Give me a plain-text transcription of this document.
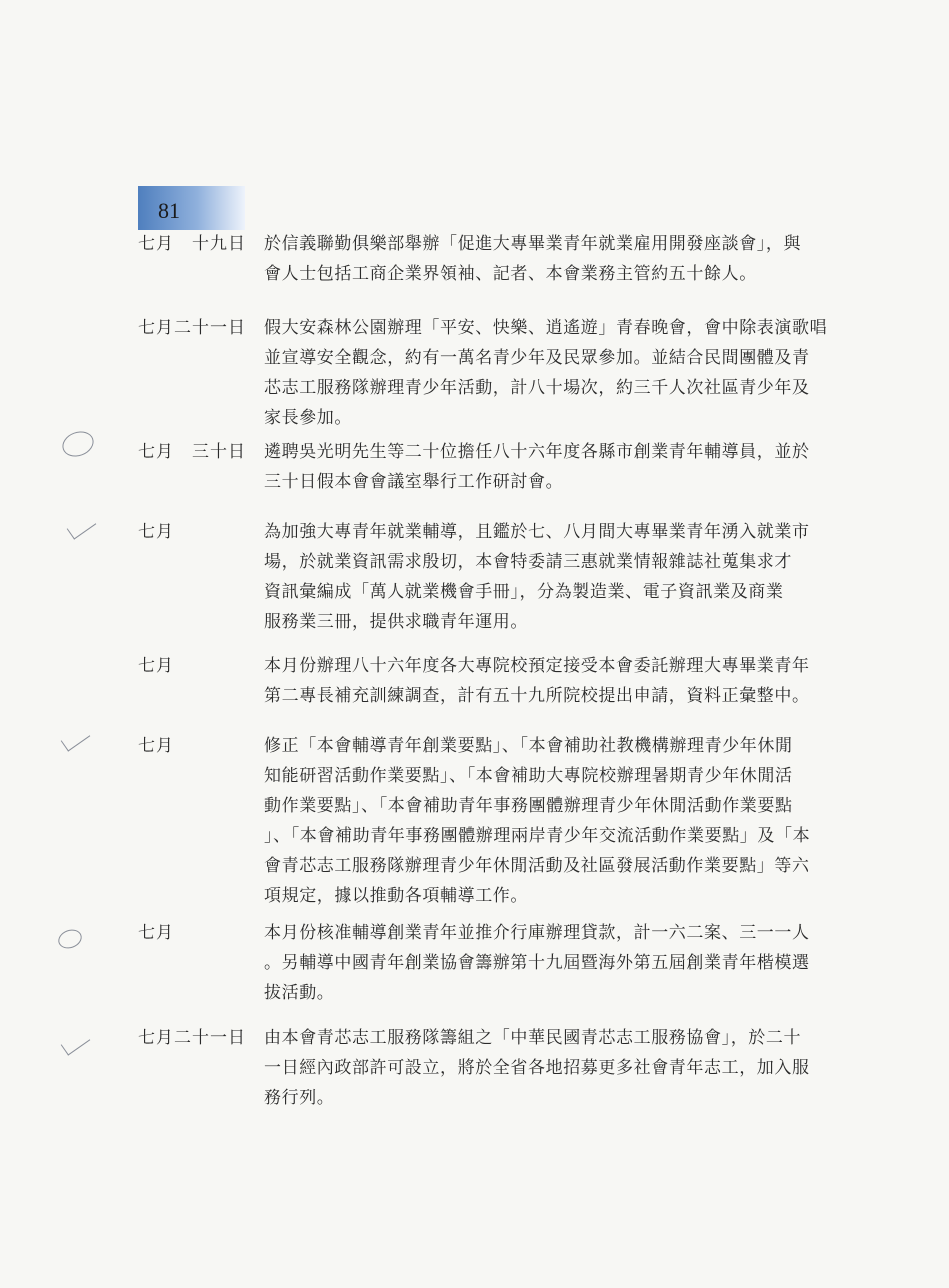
81
七月　十九日	於信義聯勤俱樂部舉辦「促進大專畢業青年就業雇用開發座談會」，與
會人士包括工商企業界領袖、記者、本會業務主管約五十餘人。

七月二十一日	假大安森林公園辦理「平安、快樂、逍遙遊」青春晚會，會中除表演歌唱
並宣導安全觀念，約有一萬名青少年及民眾參加。並結合民間團體及青
芯志工服務隊辦理青少年活動，計八十場次，約三千人次社區青少年及
家長參加。

七月　三十日	遴聘吳光明先生等二十位擔任八十六年度各縣市創業青年輔導員，並於
三十日假本會會議室舉行工作研討會。

七月	為加強大專青年就業輔導，且鑑於七、八月間大專畢業青年湧入就業市
場，於就業資訊需求殷切，本會特委請三惠就業情報雜誌社蒐集求才
資訊彙編成「萬人就業機會手冊」，分為製造業、電子資訊業及商業
服務業三冊，提供求職青年運用。

七月	本月份辦理八十六年度各大專院校預定接受本會委託辦理大專畢業青年
第二專長補充訓練調查，計有五十九所院校提出申請，資料正彙整中。

七月	修正「本會輔導青年創業要點」、「本會補助社教機構辦理青少年休閒
知能研習活動作業要點」、「本會補助大專院校辦理暑期青少年休閒活
動作業要點」、「本會補助青年事務團體辦理青少年休閒活動作業要點
」、「本會補助青年事務團體辦理兩岸青少年交流活動作業要點」及「本
會青芯志工服務隊辦理青少年休閒活動及社區發展活動作業要點」等六
項規定，據以推動各項輔導工作。

七月	本月份核准輔導創業青年並推介行庫辦理貸款，計一六二案、三一一人
。另輔導中國青年創業協會籌辦第十九屆暨海外第五屆創業青年楷模選
拔活動。

七月二十一日	由本會青芯志工服務隊籌組之「中華民國青芯志工服務協會」，於二十
一日經內政部許可設立，將於全省各地招募更多社會青年志工，加入服
務行列。
